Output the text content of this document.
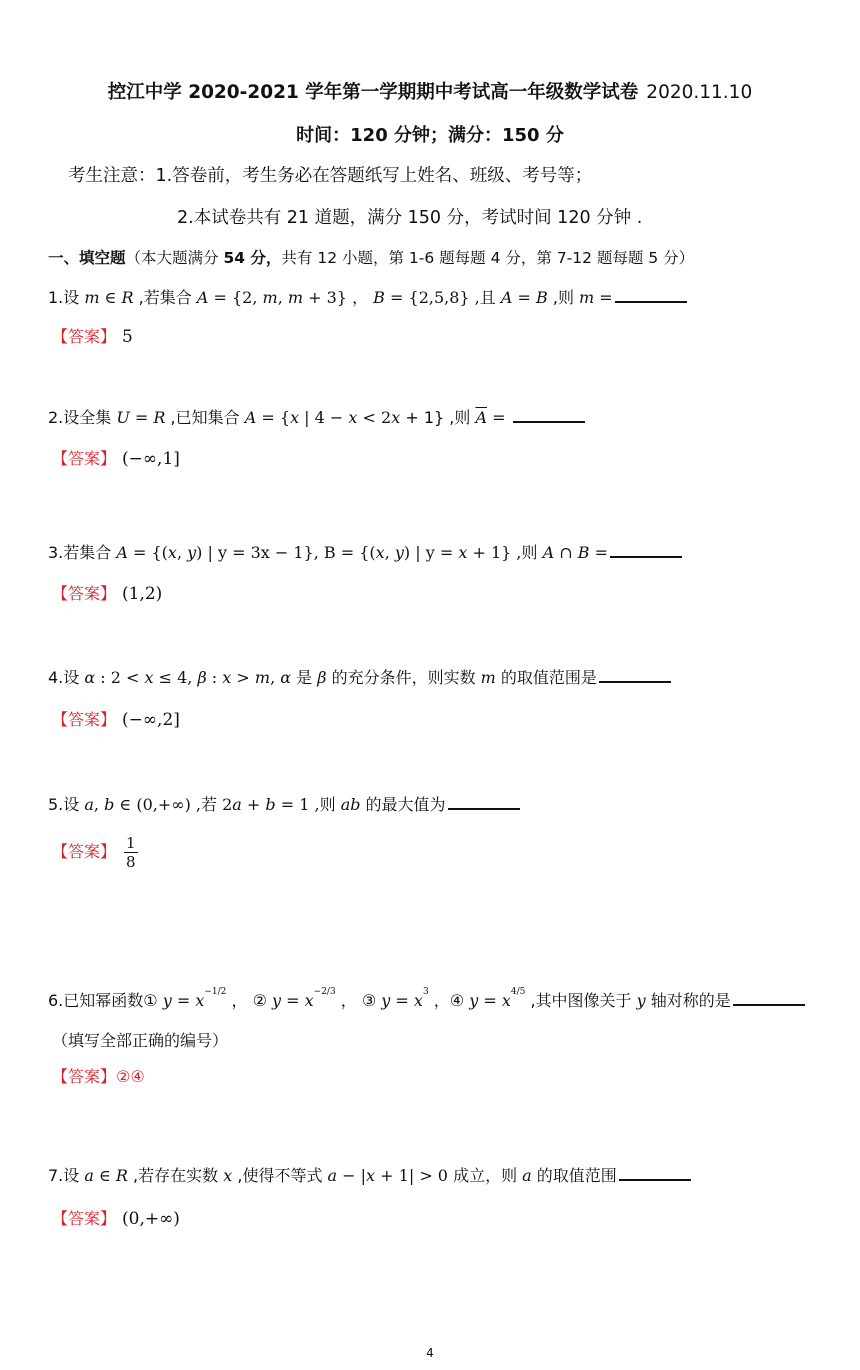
控江中学 2020-2021 学年第一学期期中考试高一年级数学试卷 2020.11.10
时间：120 分钟；满分：150 分
考生注意：1.答卷前，考生务必在答题纸写上姓名、班级、考号等；
2.本试卷共有 21 道题，满分 150 分，考试时间 120 分钟 .
一、填空题（本大题满分 54 分，共有 12 小题，第 1-6 题每题 4 分，第 7-12 题每题 5 分）
1.设 m ∈ R ,若集合 A = {2, m, m + 3} ， B = {2,5,8} ,且 A = B ,则 m =
【答案】 5
2.设全集 U = R ,已知集合 A = {x | 4 − x < 2x + 1} ,则 $\overline{A}$ =
【答案】 (−∞,1]
3.若集合 A = {(x, y) | y = 3x − 1}, B = {(x, y) | y = x + 1} ,则 A ∩ B =
【答案】 (1,2)
4.设 α : 2 < x ≤ 4, β : x > m, α 是 β 的充分条件，则实数 m 的取值范围是
【答案】 (−∞,2]
5.设 a, b ∈ (0,+∞) ,若 2a + b = 1 ,则 ab 的最大值为
【答案】 $\frac{1}{8}$
6.已知幂函数① $y = x^{-1/2}$ ， ② $y = x^{-2/3}$ ， ③ $y = x^3$ ，④ $y = x^{4/5}$ ,其中图像关于 y 轴对称的是
（填写全部正确的编号）
【答案】②④
7.设 a ∈ R ,若存在实数 x ,使得不等式 a − |x + 1| > 0 成立，则 a 的取值范围
【答案】 (0,+∞)
4
